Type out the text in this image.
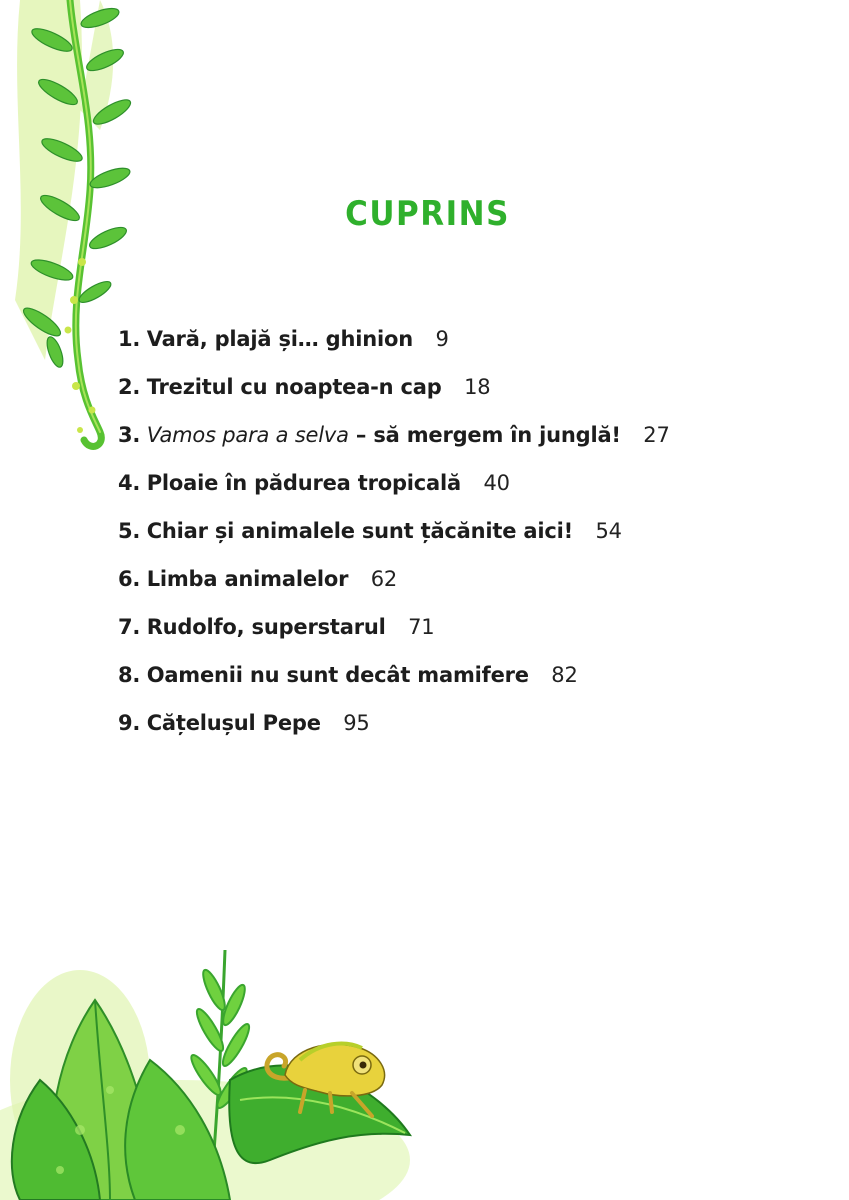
CUPRINS
1. Vară, plajă și… ghinion 9
2. Trezitul cu noaptea-n cap 18
3. Vamos para a selva – să mergem în junglă! 27
4. Ploaie în pădurea tropicală 40
5. Chiar și animalele sunt țăcănite aici! 54
6. Limba animalelor 62
7. Rudolfo, superstarul 71
8. Oamenii nu sunt decât mamifere 82
9. Cățelușul Pepe 95
